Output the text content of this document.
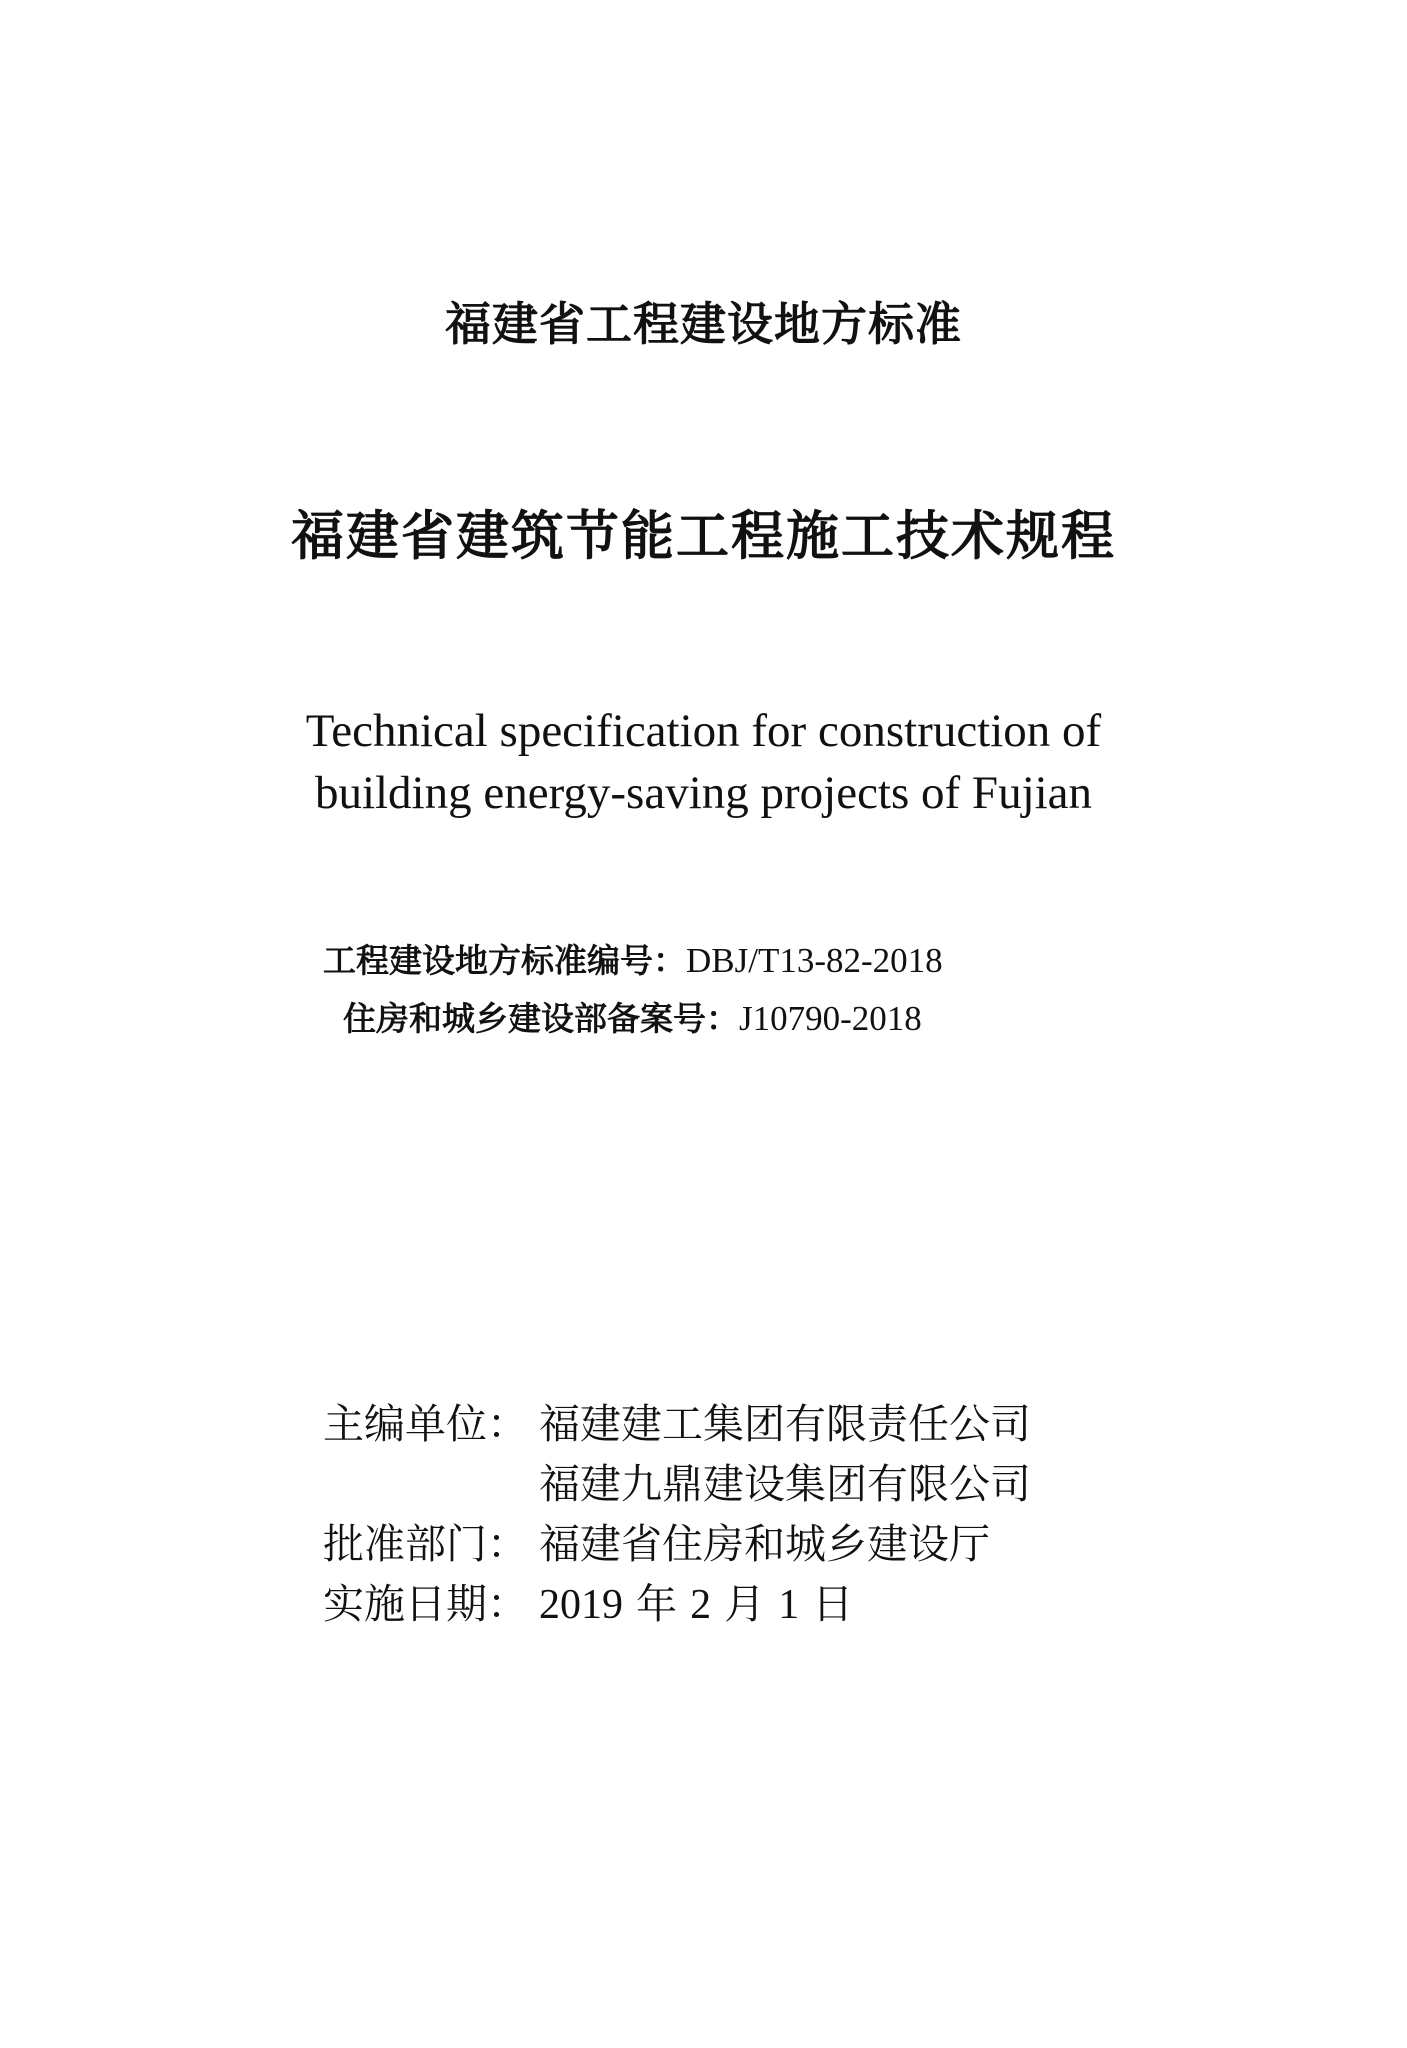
福建省工程建设地方标准
福建省建筑节能工程施工技术规程
Technical specification for construction of
building energy-saving projects of Fujian
工程建设地方标准编号：DBJ/T13-82-2018
住房和城乡建设部备案号：J10790-2018
主编单位： 福建建工集团有限责任公司
福建九鼎建设集团有限公司
批准部门： 福建省住房和城乡建设厅
实施日期： 2019 年 2 月 1 日
